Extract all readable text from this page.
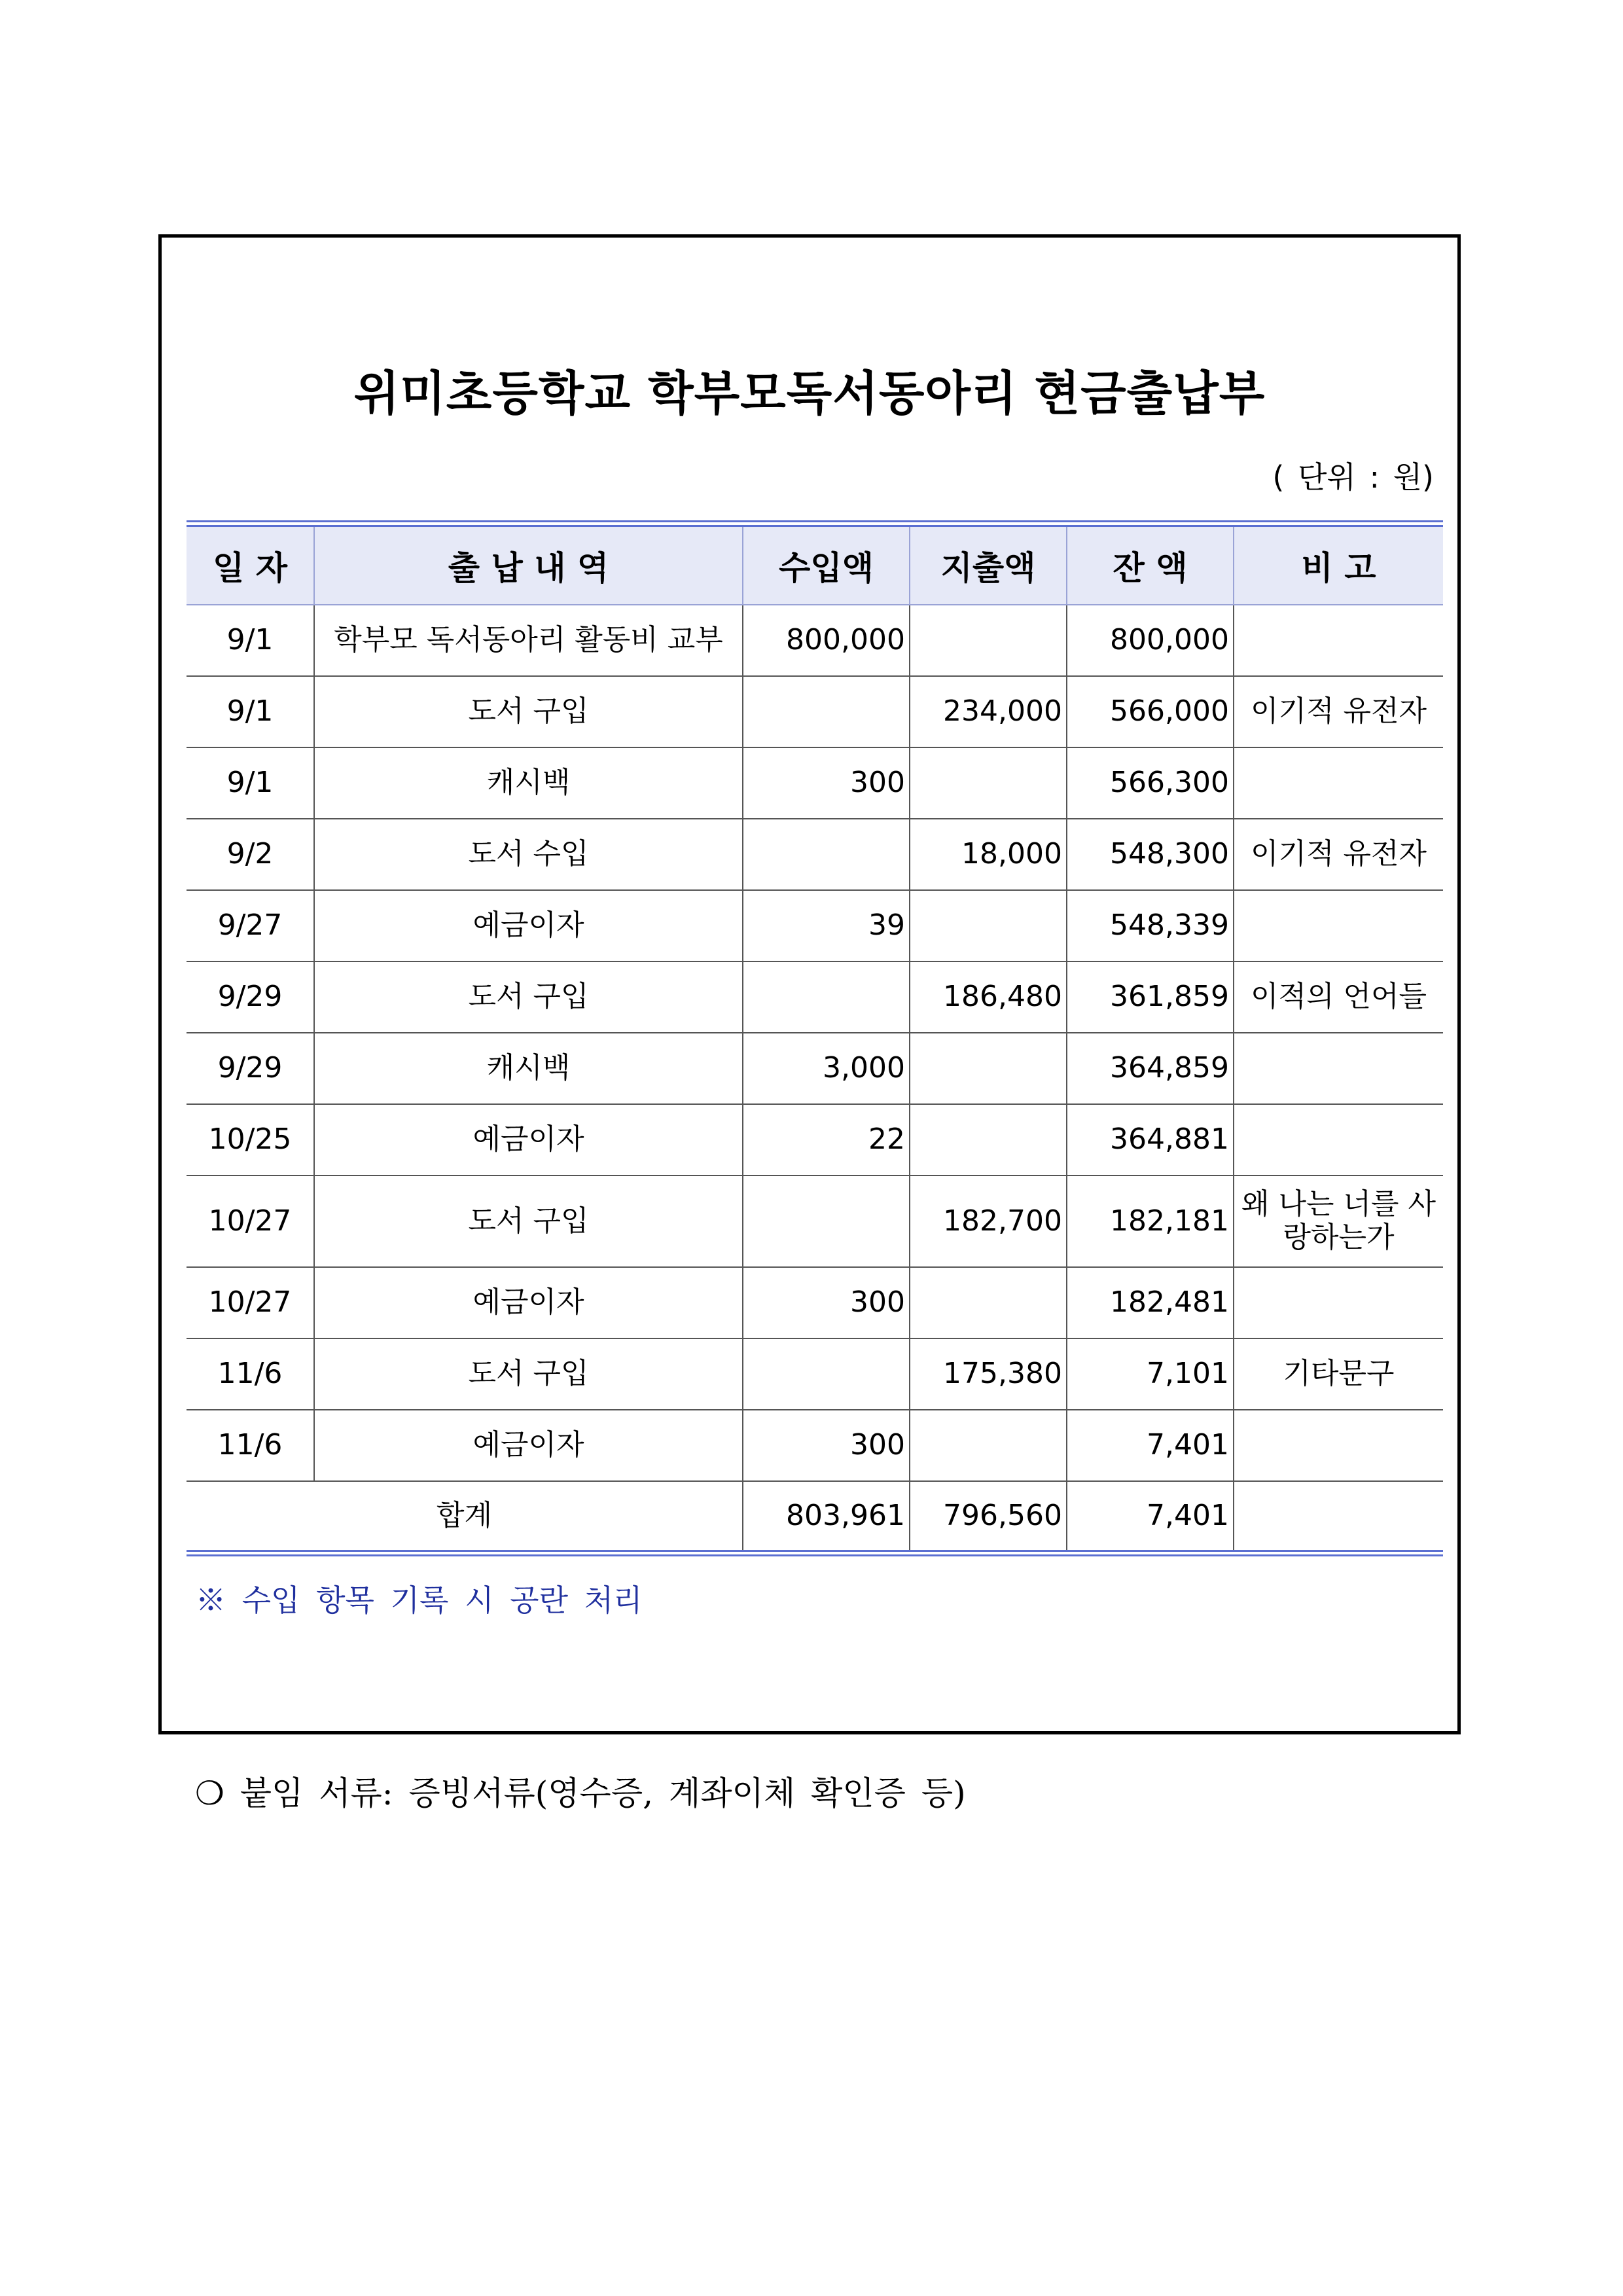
위미초등학교 학부모독서동아리 현금출납부
( 단위 : 원)
일 자	출 납 내 역	수입액	지출액	잔 액	비 고
9/1	학부모 독서동아리 활동비 교부	800,000		800,000	
9/1	도서 구입		234,000	566,000	이기적 유전자
9/1	캐시백	300		566,300	
9/2	도서 수입		18,000	548,300	이기적 유전자
9/27	예금이자	39		548,339	
9/29	도서 구입		186,480	361,859	이적의 언어들
9/29	캐시백	3,000		364,859	
10/25	예금이자	22		364,881	
10/27	도서 구입		182,700	182,181	왜 나는 너를 사랑하는가
10/27	예금이자	300		182,481	
11/6	도서 구입		175,380	7,101	기타문구
11/6	예금이자	300		7,401	
합계		803,961	796,560	7,401	
※ 수입 항목 기록 시 공란 처리
❍ 붙임 서류: 증빙서류(영수증, 계좌이체 확인증 등)
